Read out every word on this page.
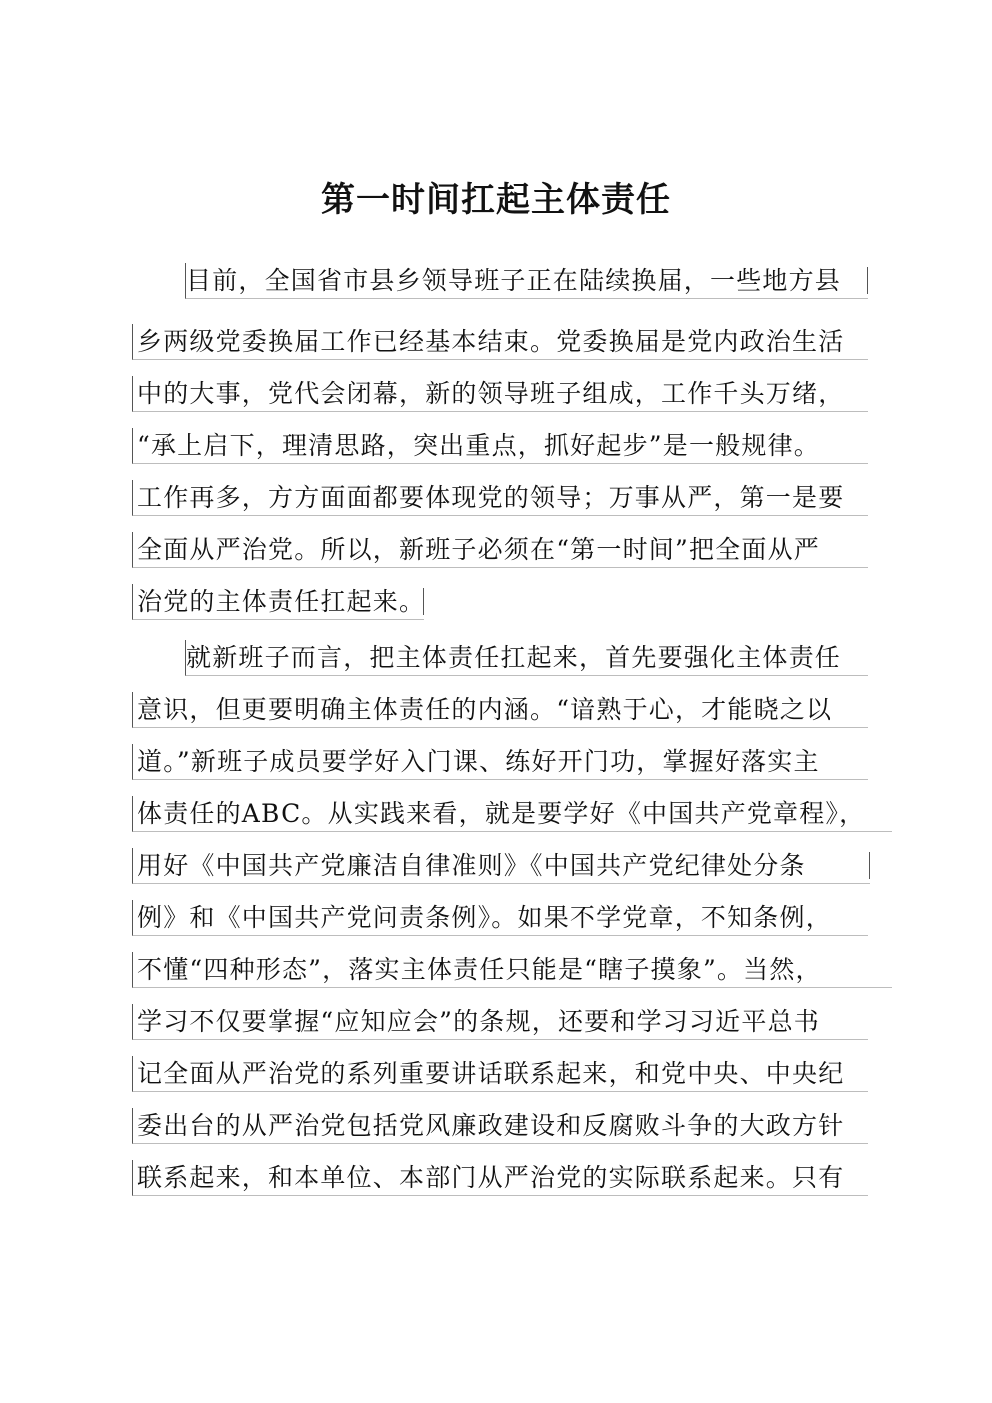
第一时间扛起主体责任
目前，全国省市县乡领导班子正在陆续换届，一些地方县
乡两级党委换届工作已经基本结束。党委换届是党内政治生活
中的大事，党代会闭幕，新的领导班子组成，工作千头万绪，
“承上启下，理清思路，突出重点，抓好起步”是一般规律。
工作再多，方方面面都要体现党的领导；万事从严，第一是要
全面从严治党。所以，新班子必须在“第一时间”把全面从严
治党的主体责任扛起来。
就新班子而言，把主体责任扛起来，首先要强化主体责任
意识，但更要明确主体责任的内涵。“谙熟于心，才能晓之以
道。”新班子成员要学好入门课、练好开门功，掌握好落实主
体责任的ABC。从实践来看，就是要学好《中国共产党章程》，
用好《中国共产党廉洁自律准则》《中国共产党纪律处分条
例》和《中国共产党问责条例》。如果不学党章，不知条例，
不懂“四种形态”，落实主体责任只能是“瞎子摸象”。当然，
学习不仅要掌握“应知应会”的条规，还要和学习习近平总书
记全面从严治党的系列重要讲话联系起来，和党中央、中央纪
委出台的从严治党包括党风廉政建设和反腐败斗争的大政方针
联系起来，和本单位、本部门从严治党的实际联系起来。只有
